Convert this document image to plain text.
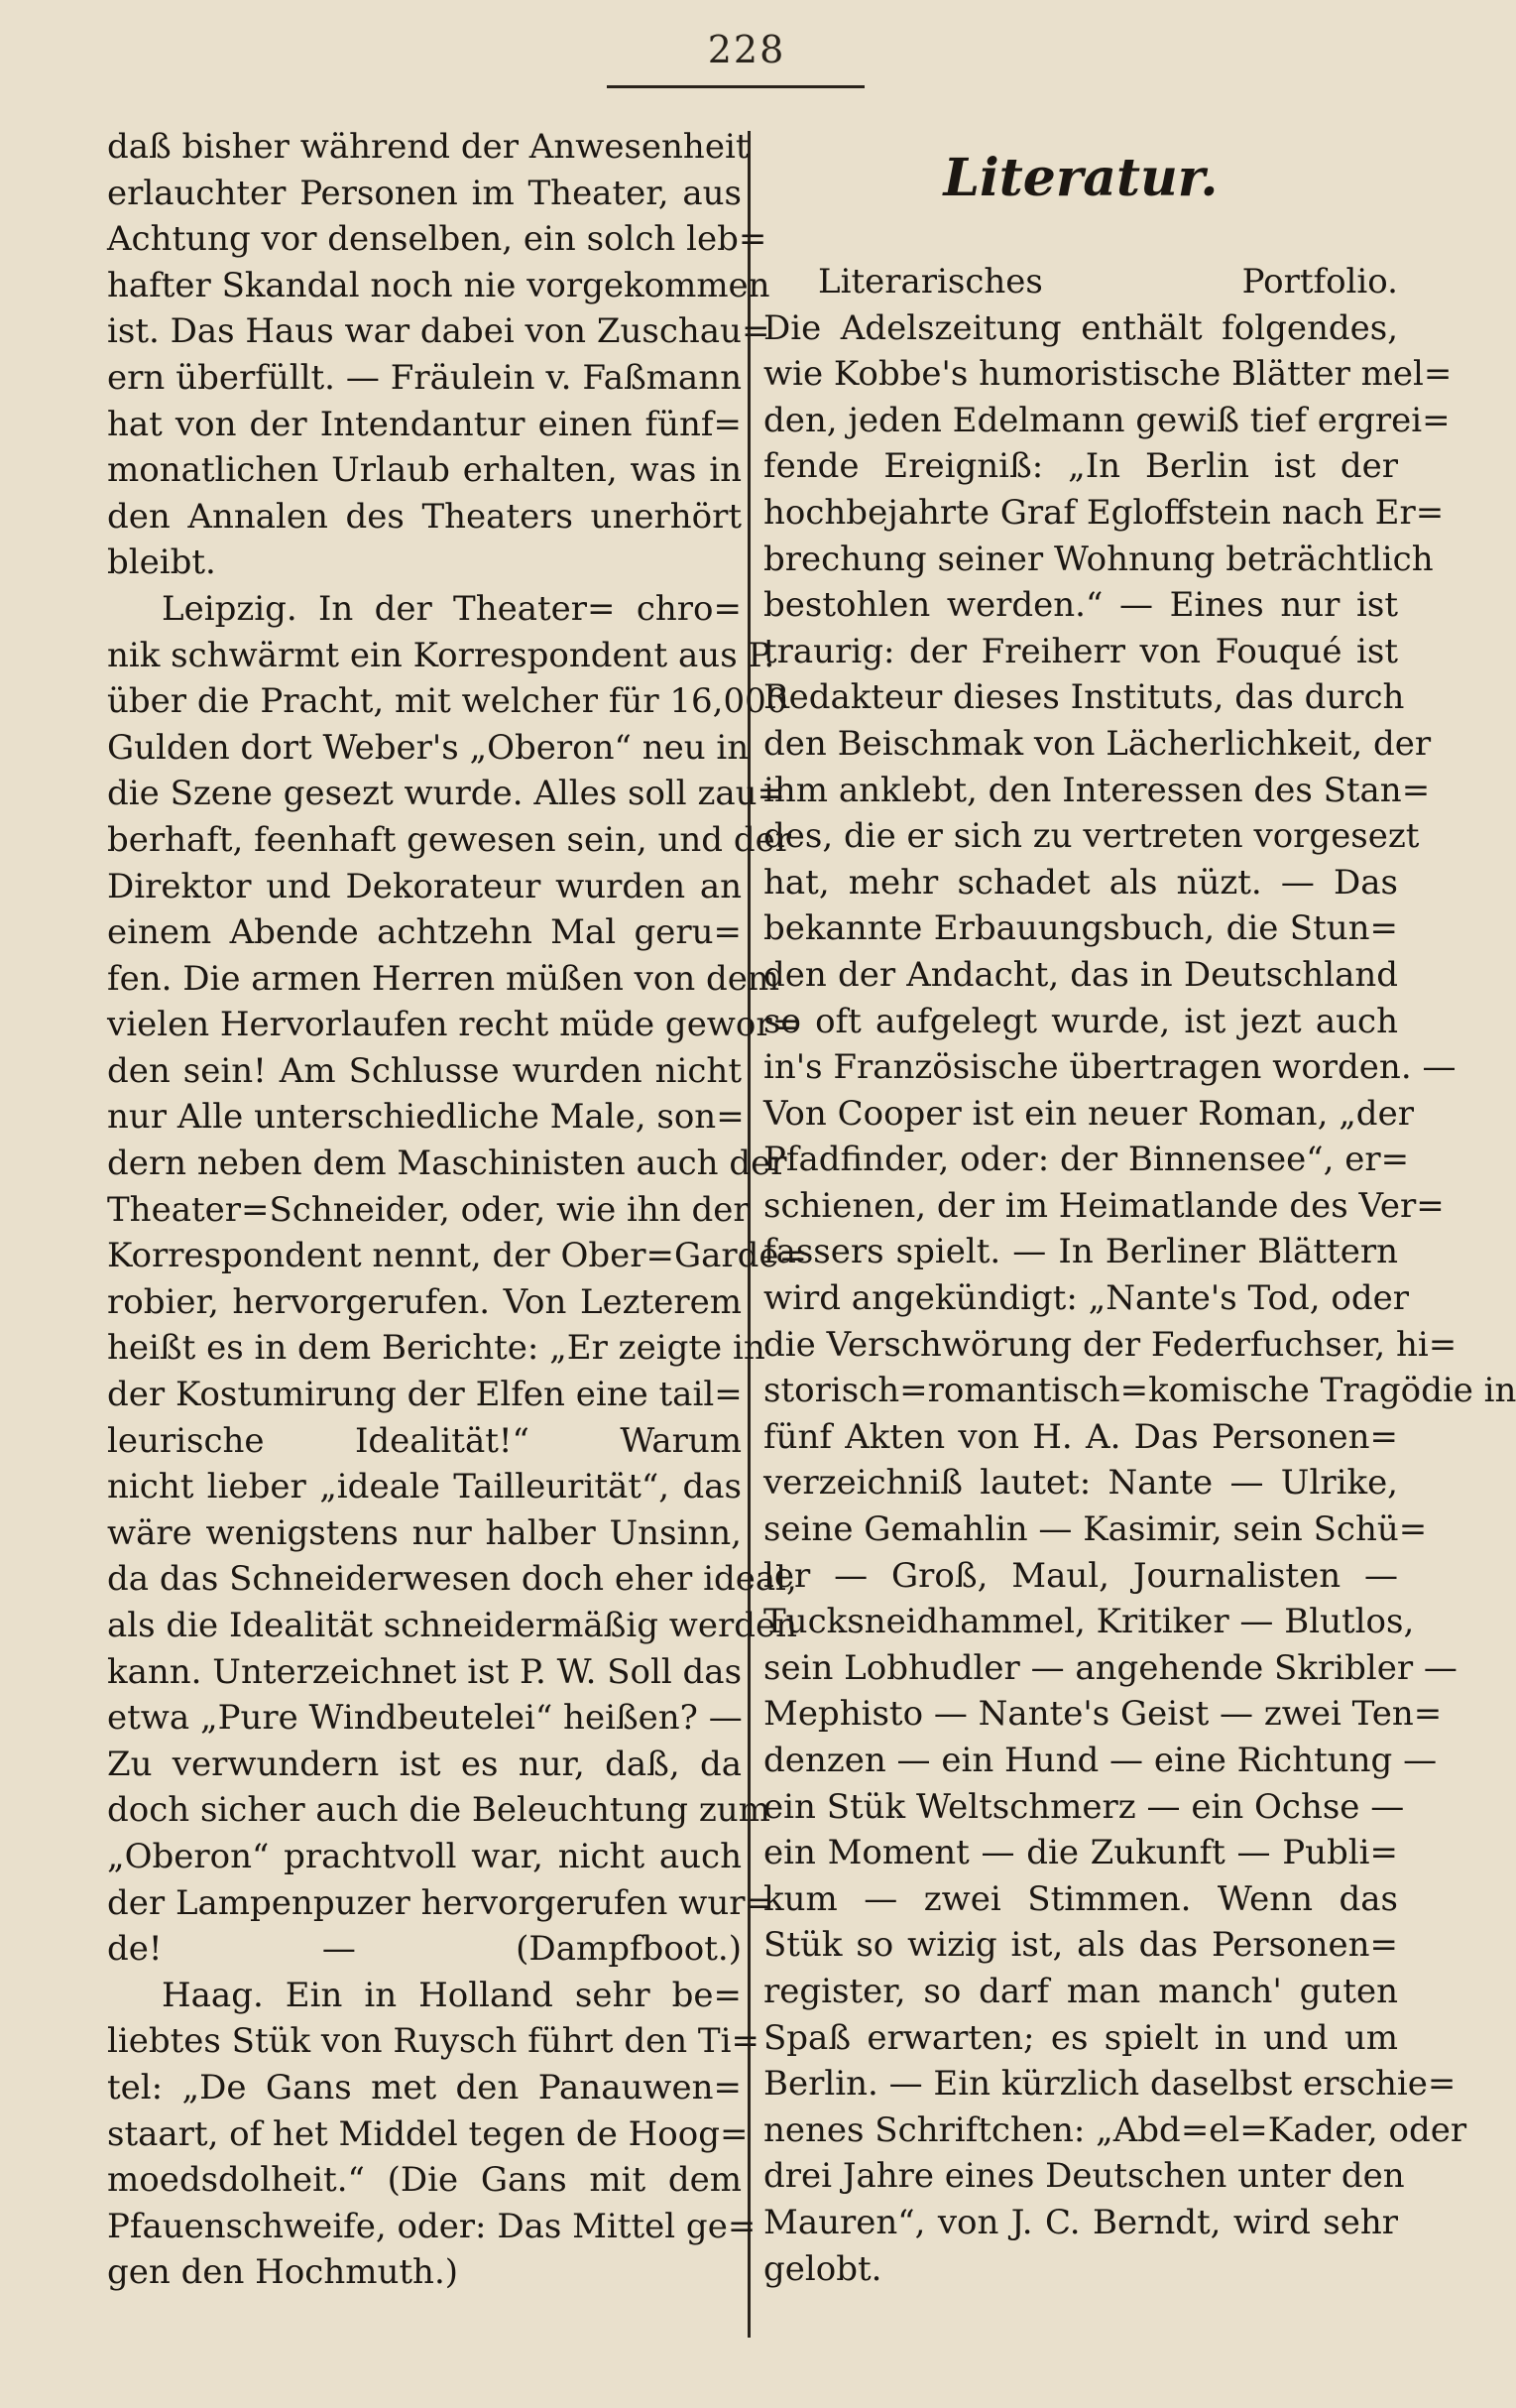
228
daß bisher während der Anwesenheit
erlauchter Personen im Theater, aus
Achtung vor denselben, ein solch leb=
hafter Skandal noch nie vorgekommen
ist. Das Haus war dabei von Zuschau=
ern überfüllt. — Fräulein v. Faßmann
hat von der Intendantur einen fünf=
monatlichen Urlaub erhalten, was in
den Annalen des Theaters unerhört
bleibt.
Leipzig. In der Theater= chro=
nik schwärmt ein Korrespondent aus P.
über die Pracht, mit welcher für 16,000
Gulden dort Weber's „Oberon“ neu in
die Szene gesezt wurde. Alles soll zau=
berhaft, feenhaft gewesen sein, und der
Direktor und Dekorateur wurden an
einem Abende achtzehn Mal geru=
fen. Die armen Herren müßen von dem
vielen Hervorlaufen recht müde gewor=
den sein! Am Schlusse wurden nicht
nur Alle unterschiedliche Male, son=
dern neben dem Maschinisten auch der
Theater=Schneider, oder, wie ihn der
Korrespondent nennt, der Ober=Garde=
robier, hervorgerufen. Von Lezterem
heißt es in dem Berichte: „Er zeigte in
der Kostumirung der Elfen eine tail=
leurische Idealität!“ Warum
nicht lieber „ideale Tailleurität“, das
wäre wenigstens nur halber Unsinn,
da das Schneiderwesen doch eher ideal,
als die Idealität schneidermäßig werden
kann. Unterzeichnet ist P. W. Soll das
etwa „Pure Windbeutelei“ heißen? —
Zu verwundern ist es nur, daß, da
doch sicher auch die Beleuchtung zum
„Oberon“ prachtvoll war, nicht auch
der Lampenpuzer hervorgerufen wur=
de! — (Dampfboot.)
Haag. Ein in Holland sehr be=
liebtes Stük von Ruysch führt den Ti=
tel: „De Gans met den Panauwen=
staart, of het Middel tegen de Hoog=
moedsdolheit.“ (Die Gans mit dem
Pfauenschweife, oder: Das Mittel ge=
gen den Hochmuth.)
Literatur.
Literarisches Portfolio.
Die Adelszeitung enthält folgendes,
wie Kobbe's humoristische Blätter mel=
den, jeden Edelmann gewiß tief ergrei=
fende Ereigniß: „In Berlin ist der
hochbejahrte Graf Egloffstein nach Er=
brechung seiner Wohnung beträchtlich
bestohlen werden.“ — Eines nur ist
traurig: der Freiherr von Fouqué ist
Redakteur dieses Instituts, das durch
den Beischmak von Lächerlichkeit, der
ihm anklebt, den Interessen des Stan=
des, die er sich zu vertreten vorgesezt
hat, mehr schadet als nüzt. — Das
bekannte Erbauungsbuch, die Stun=
den der Andacht, das in Deutschland
so oft aufgelegt wurde, ist jezt auch
in's Französische übertragen worden. —
Von Cooper ist ein neuer Roman, „der
Pfadfinder, oder: der Binnensee“, er=
schienen, der im Heimatlande des Ver=
fassers spielt. — In Berliner Blättern
wird angekündigt: „Nante's Tod, oder
die Verschwörung der Federfuchser, hi=
storisch=romantisch=komische Tragödie in
fünf Akten von H. A. Das Personen=
verzeichniß lautet: Nante — Ulrike,
seine Gemahlin — Kasimir, sein Schü=
ler — Groß, Maul, Journalisten —
Tucksneidhammel, Kritiker — Blutlos,
sein Lobhudler — angehende Skribler —
Mephisto — Nante's Geist — zwei Ten=
denzen — ein Hund — eine Richtung —
ein Stük Weltschmerz — ein Ochse —
ein Moment — die Zukunft — Publi=
kum — zwei Stimmen. Wenn das
Stük so wizig ist, als das Personen=
register, so darf man manch' guten
Spaß erwarten; es spielt in und um
Berlin. — Ein kürzlich daselbst erschie=
nenes Schriftchen: „Abd=el=Kader, oder
drei Jahre eines Deutschen unter den
Mauren“, von J. C. Berndt, wird sehr
gelobt.
